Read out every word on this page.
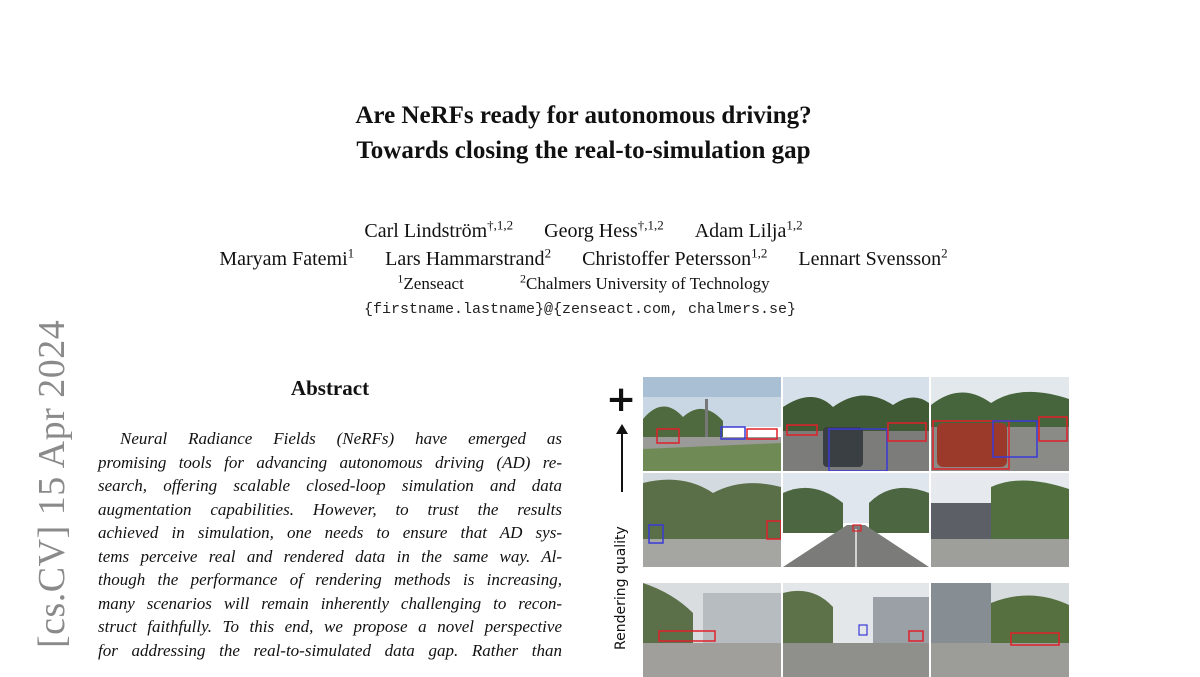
Are NeRFs ready for autonomous driving?
Towards closing the real-to-simulation gap
Carl Lindström$^{\dagger,1,2}$ Georg Hess$^{\dagger,1,2}$ Adam Lilja$^{1,2}$
Maryam Fatemi$^1$ Lars Hammarstrand$^2$ Christoffer Petersson$^{1,2}$ Lennart Svensson$^2$
$^1$Zenseact	$^2$Chalmers University of Technology
{firstname.lastname}@{zenseact.com, chalmers.se}
[cs.CV] 15 Apr 2024	Abstract
Neural Radiance Fields (NeRFs) have emerged as
promising tools for advancing autonomous driving (AD) re-
search, offering scalable closed-loop simulation and data
augmentation capabilities. However, to trust the results
achieved in simulation, one needs to ensure that AD sys-
tems perceive real and rendered data in the same way. Al-
though the performance of rendering methods is increasing,
many scenarios will remain inherently challenging to recon-
struct faithfully. To this end, we propose a novel perspective
for addressing the real-to-simulated data gap. Rather than
+
Rendering quality
